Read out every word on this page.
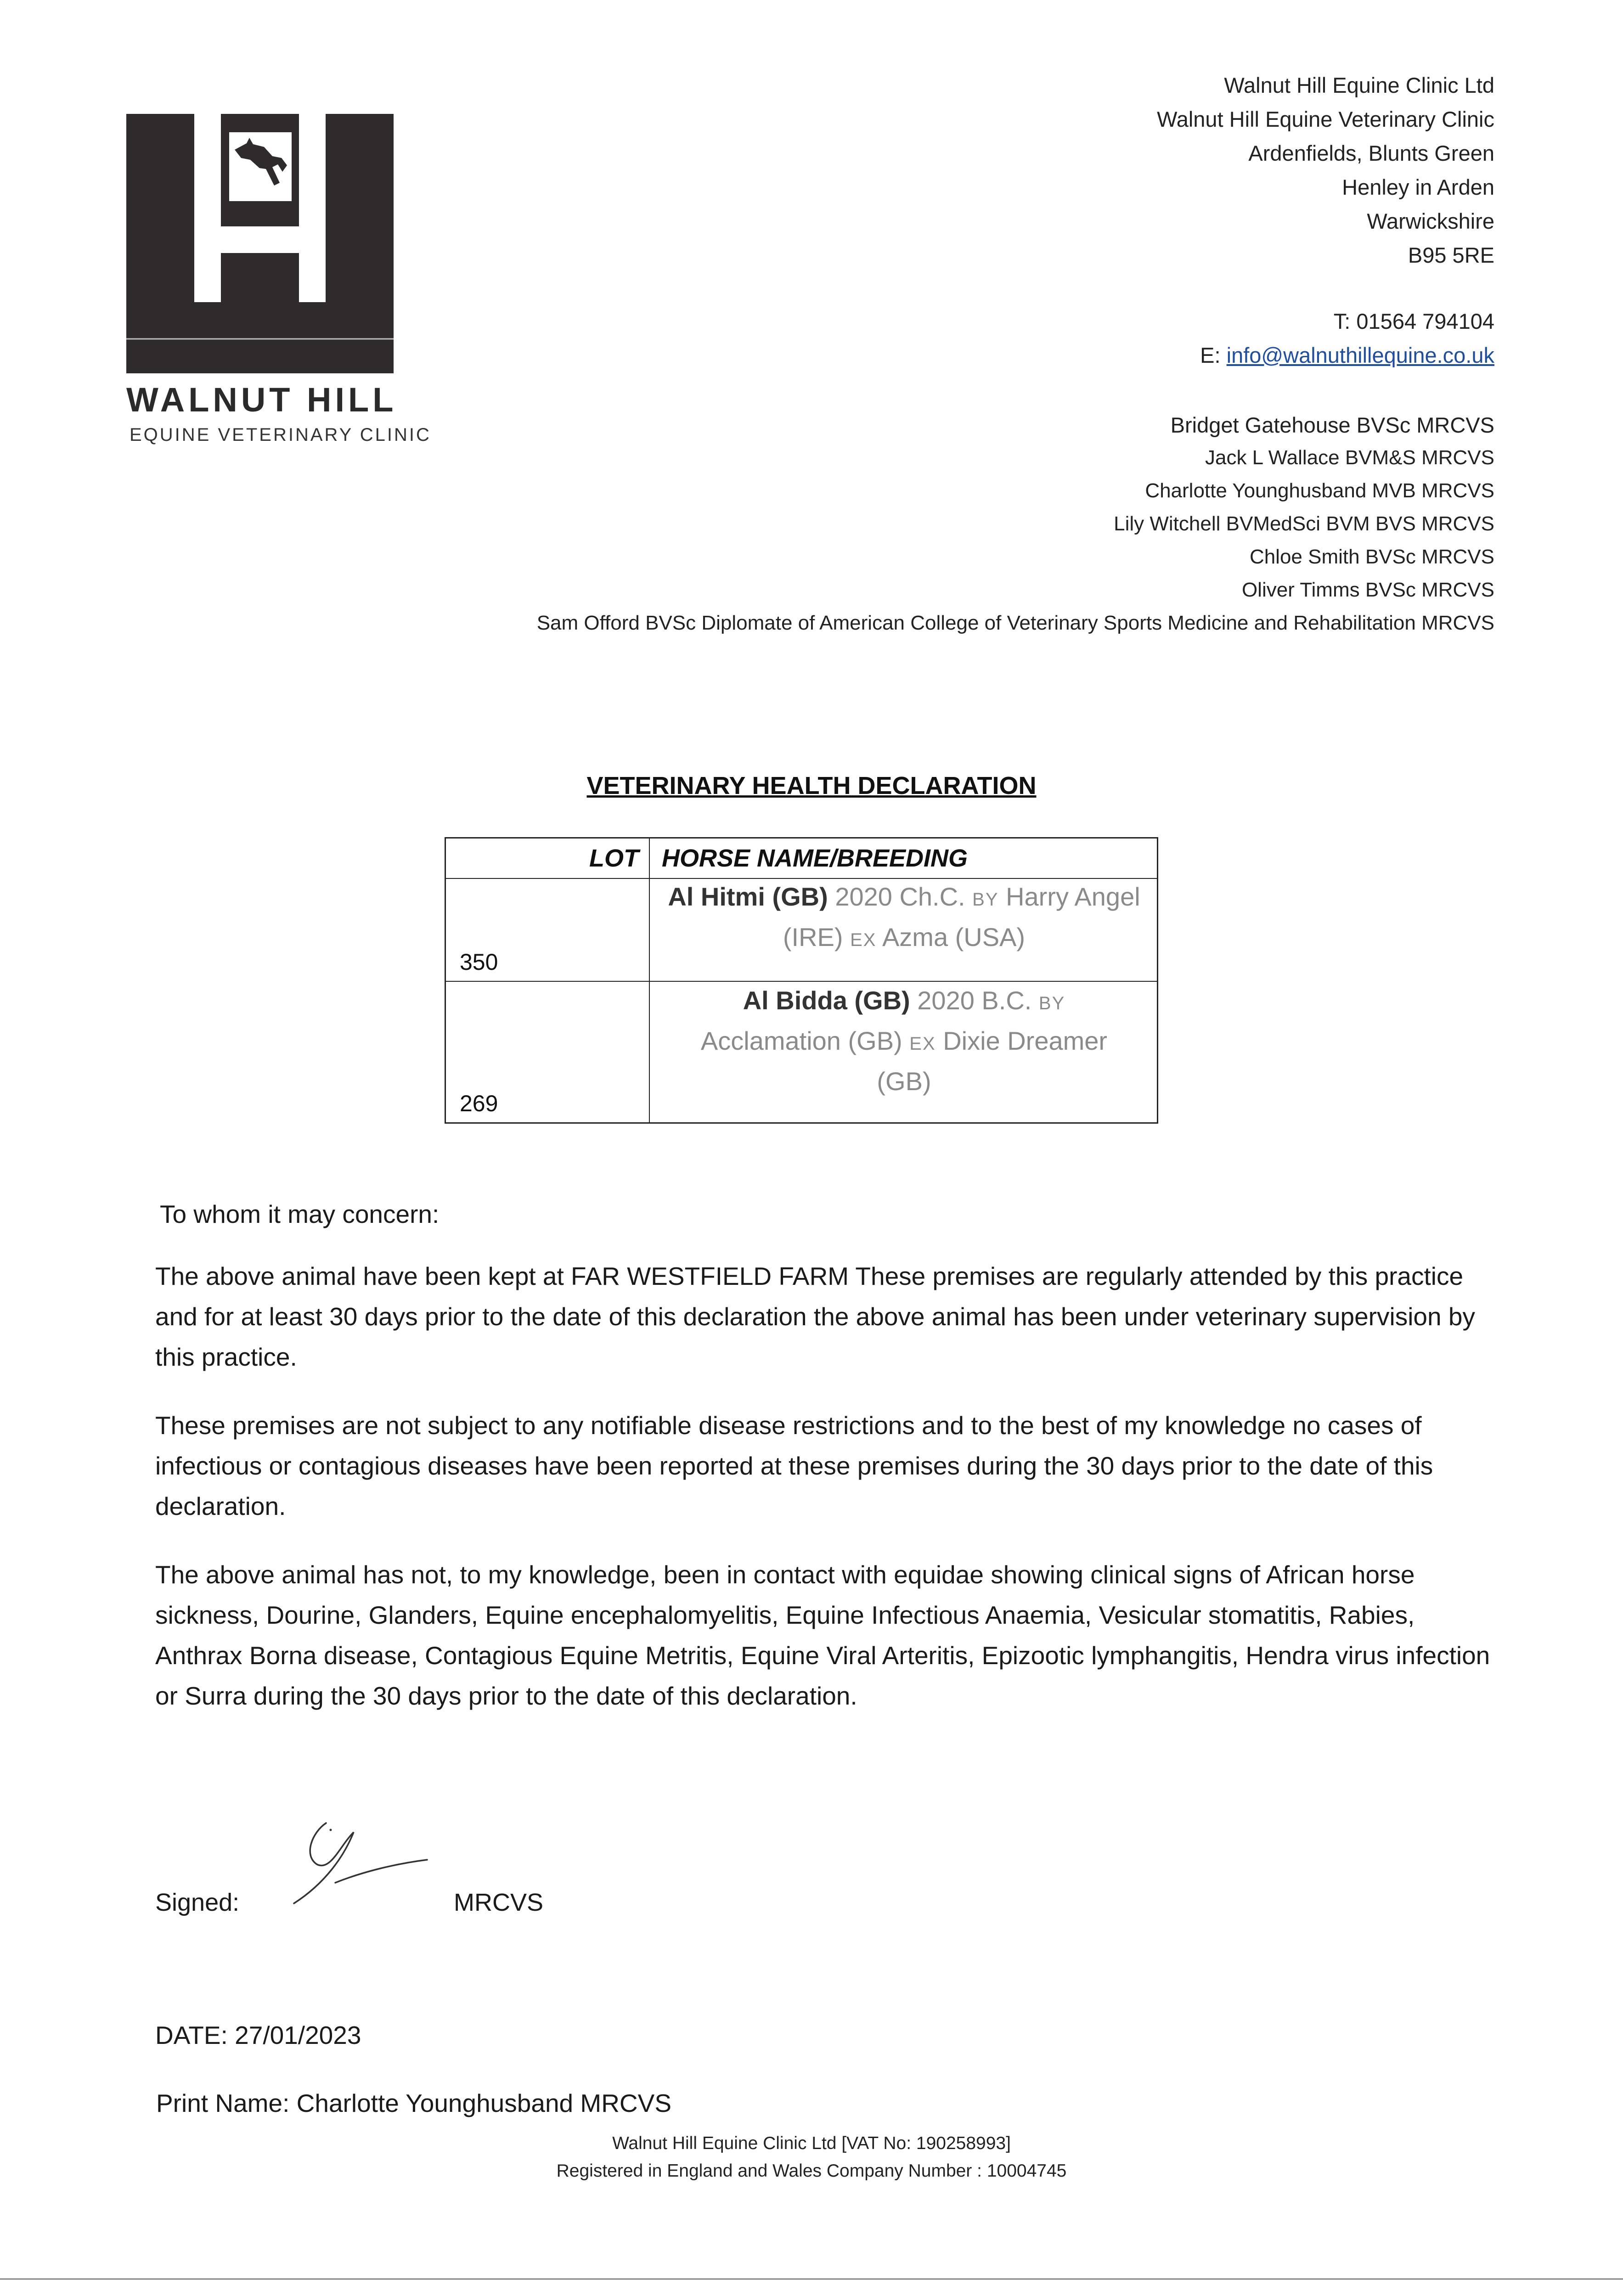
WALNUT HILL
EQUINE VETERINARY CLINIC
Walnut Hill Equine Clinic Ltd
Walnut Hill Equine Veterinary Clinic
Ardenfields, Blunts Green
Henley in Arden
Warwickshire
B95 5RE
T: 01564 794104
E: info@walnuthillequine.co.uk
Bridget Gatehouse BVSc MRCVS
Jack L Wallace BVM&S MRCVS
Charlotte Younghusband MVB MRCVS
Lily Witchell BVMedSci BVM BVS MRCVS
Chloe Smith BVSc MRCVS
Oliver Timms BVSc MRCVS
Sam Offord BVSc Diplomate of American College of Veterinary Sports Medicine and Rehabilitation MRCVS
VETERINARY HEALTH DECLARATION
LOT HORSE NAME/BREEDING
350
Al Hitmi (GB) 2020 Ch.C. BY Harry Angel (IRE) EX Azma (USA)
269
Al Bidda (GB) 2020 B.C. BY Acclamation (GB) EX Dixie Dreamer (GB)
To whom it may concern:
The above animal have been kept at FAR WESTFIELD FARM These premises are regularly attended by this practice and for at least 30 days prior to the date of this declaration the above animal has been under veterinary supervision by this practice.
These premises are not subject to any notifiable disease restrictions and to the best of my knowledge no cases of infectious or contagious diseases have been reported at these premises during the 30 days prior to the date of this declaration.
The above animal has not, to my knowledge, been in contact with equidae showing clinical signs of African horse sickness, Dourine, Glanders, Equine encephalomyelitis, Equine Infectious Anaemia, Vesicular stomatitis, Rabies, Anthrax Borna disease, Contagious Equine Metritis, Equine Viral Arteritis, Epizootic lymphangitis, Hendra virus infection or Surra during the 30 days prior to the date of this declaration.
Signed:	MRCVS
DATE: 27/01/2023
Print Name: Charlotte Younghusband MRCVS
Walnut Hill Equine Clinic Ltd [VAT No: 190258993]
Registered in England and Wales Company Number : 10004745
